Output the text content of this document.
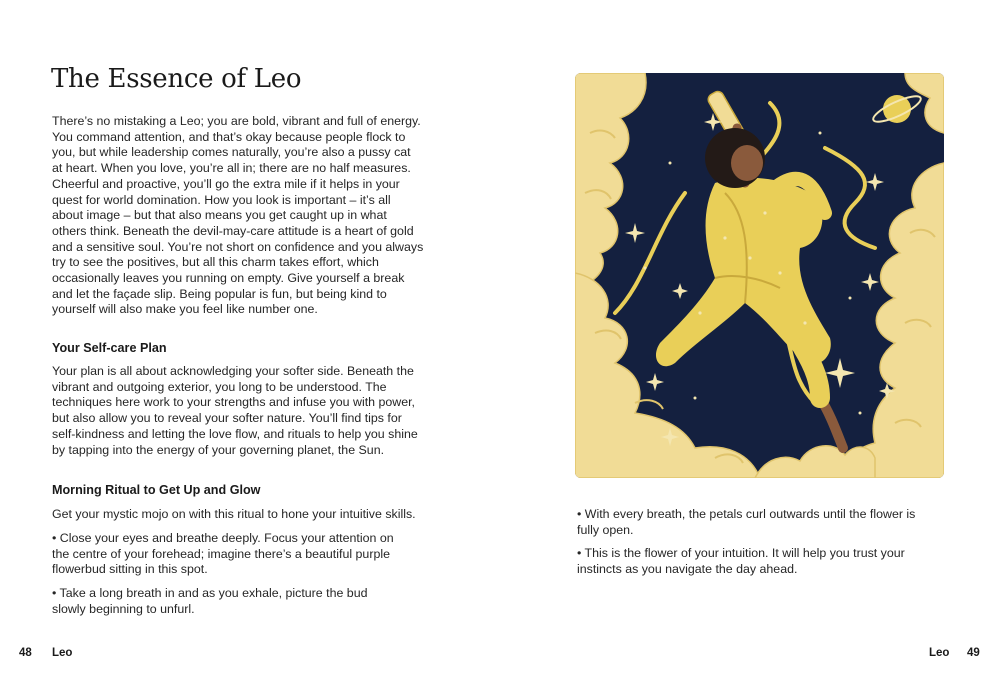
The Essence of Leo

There’s no mistaking a Leo; you are bold, vibrant and full of energy. You command attention, and that’s okay because people flock to you, but while leadership comes naturally, you’re also a pussy cat at heart. When you love, you’re all in; there are no half measures. Cheerful and proactive, you’ll go the extra mile if it helps in your quest for world domination. How you look is important – it’s all about image – but that also means you get caught up in what others think. Beneath the devil-may-care attitude is a heart of gold and a sensitive soul. You’re not short on confidence and you always try to see the positives, but all this charm takes effort, which occasionally leaves you running on empty. Give yourself a break and let the façade slip. Being popular is fun, but being kind to yourself will also make you feel like number one.

Your Self-care Plan

Your plan is all about acknowledging your softer side. Beneath the vibrant and outgoing exterior, you long to be understood. The techniques here work to your strengths and infuse you with power, but also allow you to reveal your softer nature. You’ll find tips for self-kindness and letting the love flow, and rituals to help you shine by tapping into the energy of your governing planet, the Sun.

Morning Ritual to Get Up and Glow

Get your mystic mojo on with this ritual to hone your intuitive skills.

• Close your eyes and breathe deeply. Focus your attention on the centre of your forehead; imagine there’s a beautiful purple flowerbud sitting in this spot.

• Take a long breath in and as you exhale, picture the bud slowly beginning to unfurl.

48 Leo

• With every breath, the petals curl outwards until the flower is fully open.

• This is the flower of your intuition. It will help you trust your instincts as you navigate the day ahead.

Leo 49
